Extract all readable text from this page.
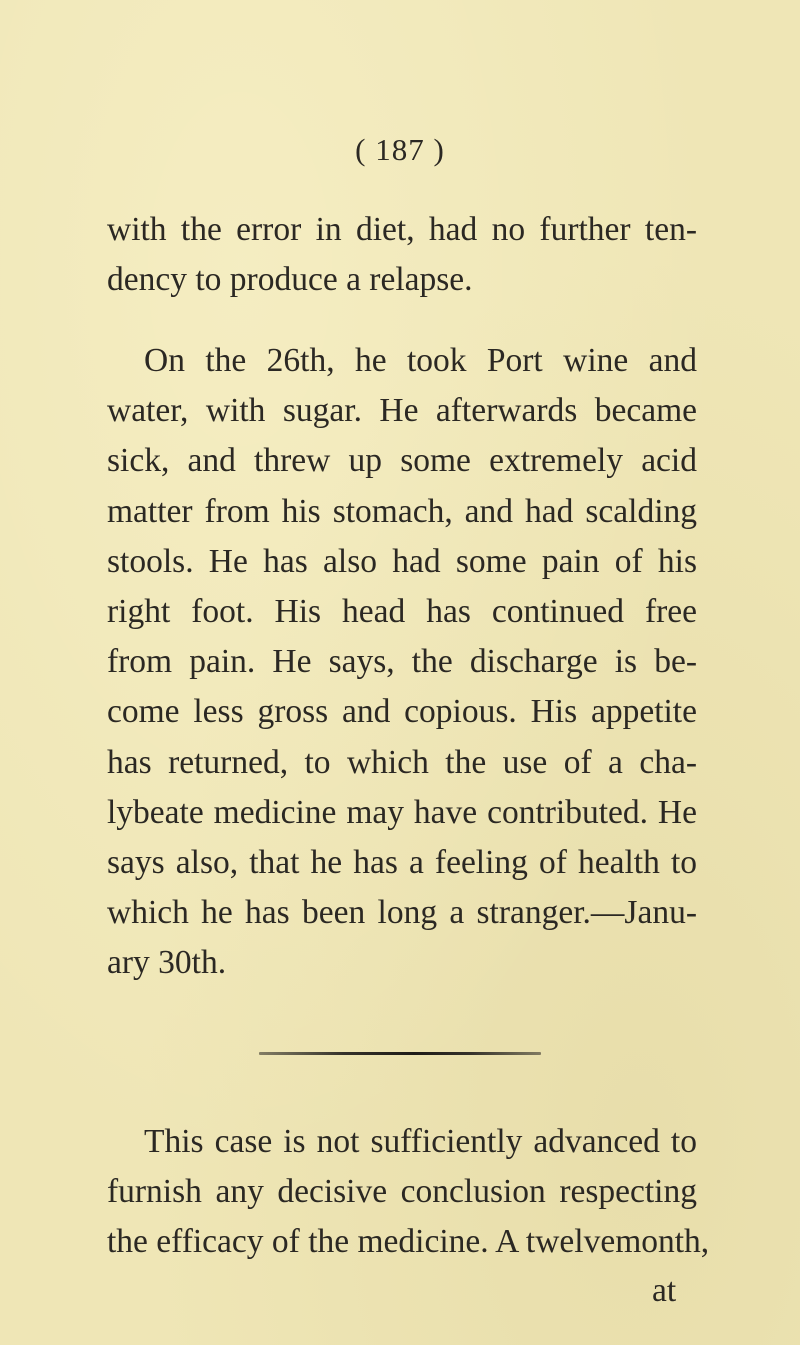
( 187 )
with the error in diet, had no further ten-
dency to produce a relapse.
On the 26th, he took Port wine and
water, with sugar. He afterwards became
sick, and threw up some extremely acid
matter from his stomach, and had scalding
stools. He has also had some pain of his
right foot. His head has continued free
from pain. He says, the discharge is be-
come less gross and copious. His appetite
has returned, to which the use of a cha-
lybeate medicine may have contributed. He
says also, that he has a feeling of health to
which he has been long a stranger.—Janu-
ary 30th.
This case is not sufficiently advanced to
furnish any decisive conclusion respecting
the efficacy of the medicine. A twelvemonth,
at
